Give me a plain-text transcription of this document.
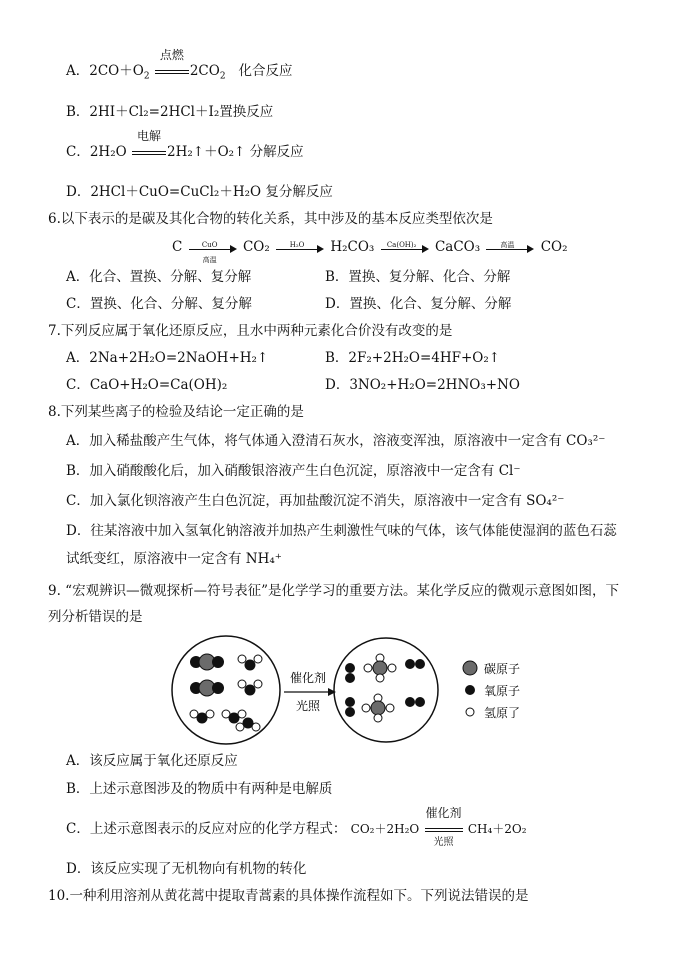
A．$2CO+O_2$
点燃
$2CO_2$ 化合反应
B．2HI＋Cl₂=2HCl＋I₂置换反应
C．2H₂O
电解
2H₂↑＋O₂↑ 分解反应
D．2HCl＋CuO=CuCl₂＋H₂O 复分解反应
6.以下表示的是碳及其化合物的转化关系，其中涉及的基本反应类型依次是
C	CuO
高温
CO₂	H₂O	H₂CO₃	Ca(OH)₂	CaCO₃	高温	CO₂
A．化合、置换、分解、复分解	B．置换、复分解、化合、分解
C．置换、化合、分解、复分解	D．置换、化合、复分解、分解
7.下列反应属于氧化还原反应，且水中两种元素化合价没有改变的是
A．2Na+2H₂O=2NaOH+H₂↑	B．2F₂+2H₂O=4HF+O₂↑
C．CaO+H₂O=Ca(OH)₂	D．3NO₂+H₂O=2HNO₃+NO
8.下列某些离子的检验及结论一定正确的是
A．加入稀盐酸产生气体，将气体通入澄清石灰水，溶液变浑浊，原溶液中一定含有 CO₃²⁻
B．加入硝酸酸化后，加入硝酸银溶液产生白色沉淀，原溶液中一定含有 Cl⁻
C．加入氯化钡溶液产生白色沉淀，再加盐酸沉淀不消失，原溶液中一定含有 SO₄²⁻
D．往某溶液中加入氢氧化钠溶液并加热产生刺激性气味的气体，该气体能使湿润的蓝色石蕊
试纸变红，原溶液中一定含有 NH₄⁺
9. “宏观辨识—微观探析—符号表征”是化学学习的重要方法。某化学反应的微观示意图如图，下
列分析错误的是
催化剂
光照
碳原子
氧原子
氢原了
A．该反应属于氧化还原反应
B．上述示意图涉及的物质中有两种是电解质
C．上述示意图表示的反应对应的化学方程式： CO₂＋2H₂O
催化剂
光照
CH₄＋2O₂
D．该反应实现了无机物向有机物的转化
10.一种利用溶剂从黄花蒿中提取青蒿素的具体操作流程如下。下列说法错误的是
